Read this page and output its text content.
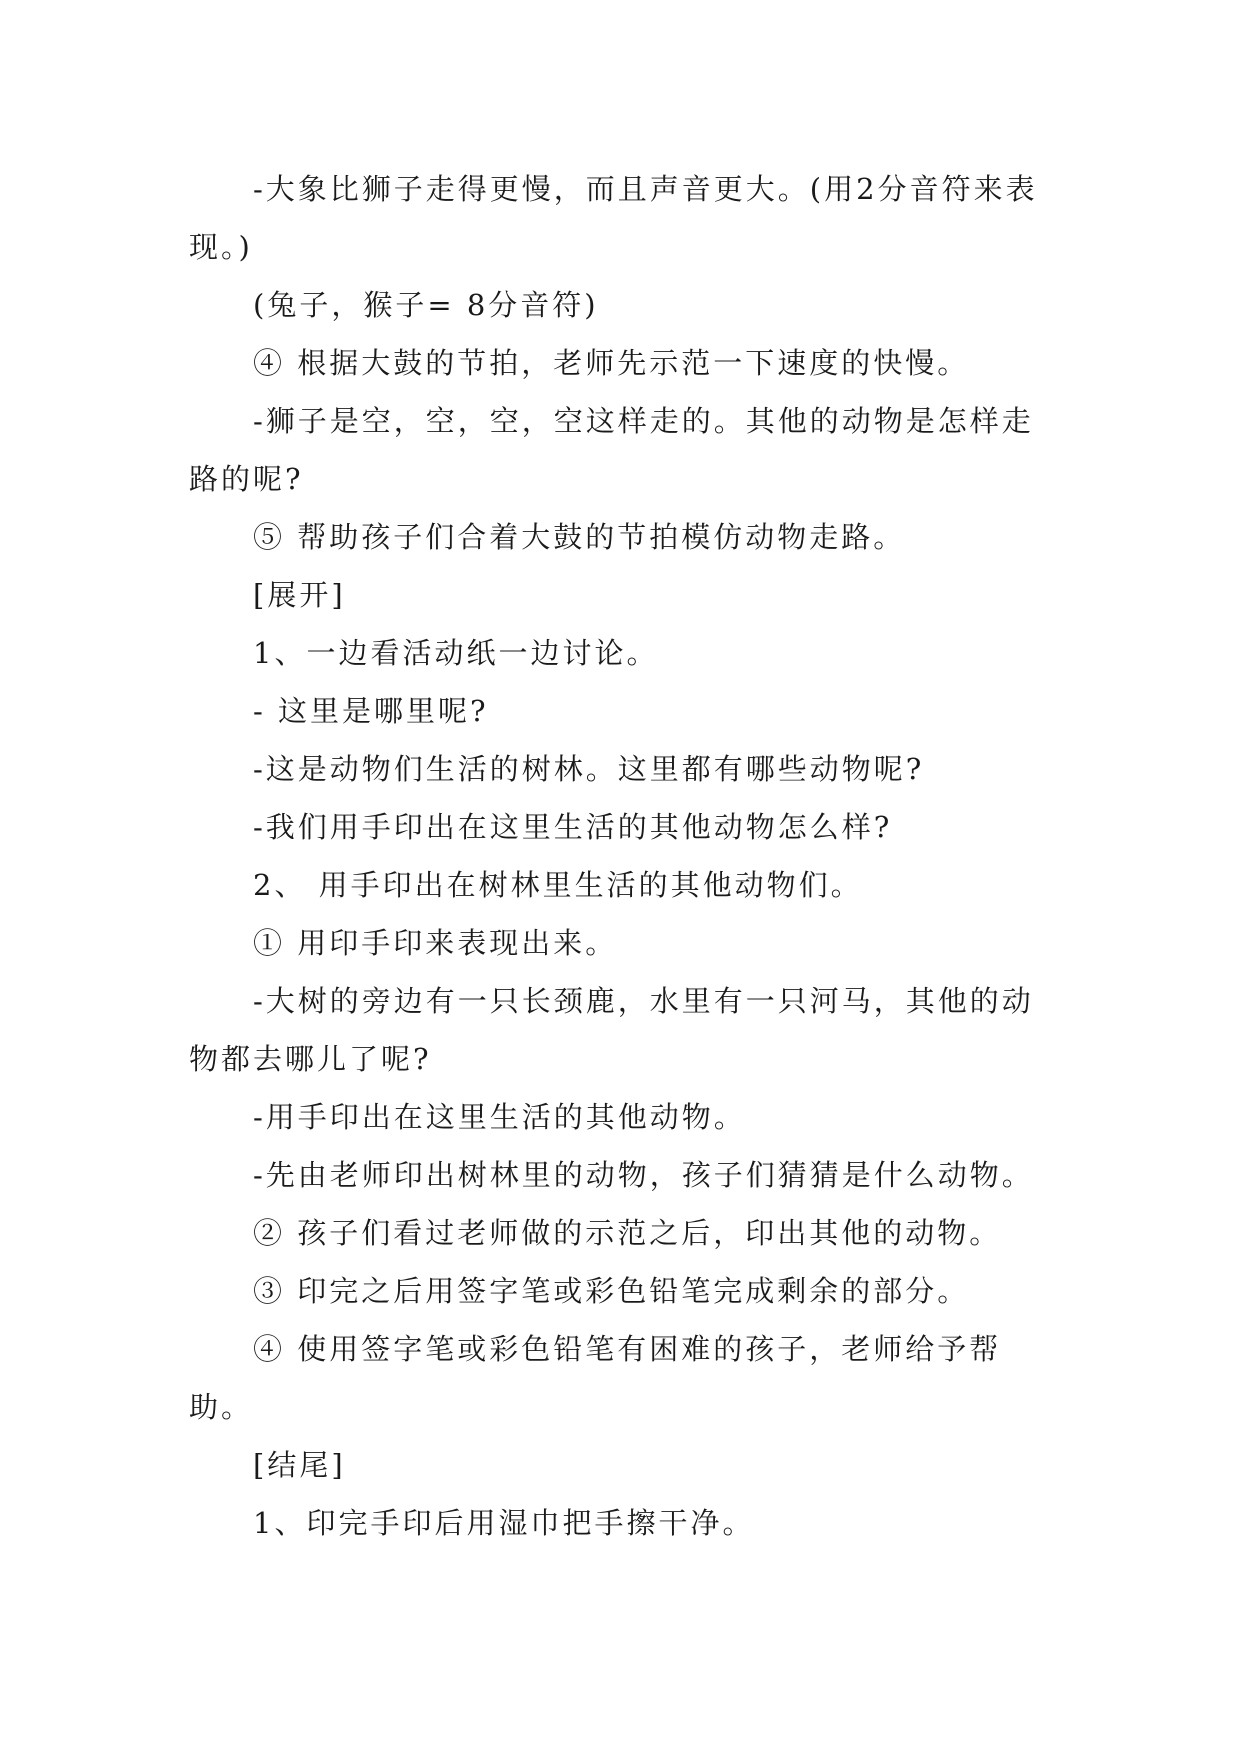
-大象比狮子走得更慢，而且声音更大。(用2分音符来表现。)

(兔子，猴子= 8分音符)

④ 根据大鼓的节拍，老师先示范一下速度的快慢。

-狮子是空，空，空，空这样走的。其他的动物是怎样走路的呢?

⑤ 帮助孩子们合着大鼓的节拍模仿动物走路。

[展开]

1、一边看活动纸一边讨论。

- 这里是哪里呢?

-这是动物们生活的树林。这里都有哪些动物呢?

-我们用手印出在这里生活的其他动物怎么样?

2、 用手印出在树林里生活的其他动物们。

① 用印手印来表现出来。

-大树的旁边有一只长颈鹿，水里有一只河马，其他的动物都去哪儿了呢?

-用手印出在这里生活的其他动物。

-先由老师印出树林里的动物，孩子们猜猜是什么动物。

② 孩子们看过老师做的示范之后，印出其他的动物。

③ 印完之后用签字笔或彩色铅笔完成剩余的部分。

④ 使用签字笔或彩色铅笔有困难的孩子，老师给予帮助。

[结尾]

1、印完手印后用湿巾把手擦干净。
